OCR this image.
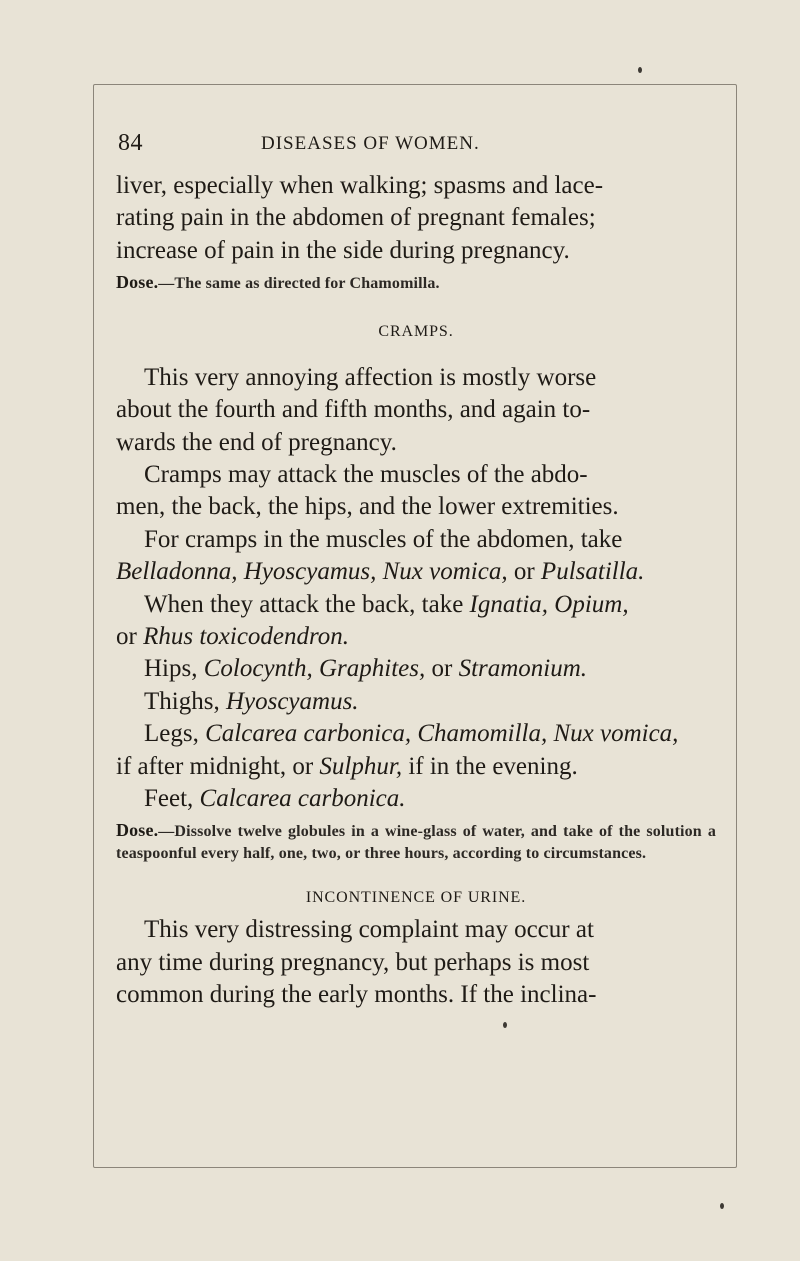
84	DISEASES OF WOMEN.

liver, especially when walking; spasms and lace-
rating pain in the abdomen of pregnant females;
increase of pain in the side during pregnancy.

Dose.—The same as directed for Chamomilla.

CRAMPS.

This very annoying affection is mostly worse
about the fourth and fifth months, and again to-
wards the end of pregnancy.

Cramps may attack the muscles of the abdo-
men, the back, the hips, and the lower extremities.

For cramps in the muscles of the abdomen, take
Belladonna, Hyoscyamus, Nux vomica, or Pulsatilla.

When they attack the back, take Ignatia, Opium,
or Rhus toxicodendron.

Hips, Colocynth, Graphites, or Stramonium.

Thighs, Hyoscyamus.

Legs, Calcarea carbonica, Chamomilla, Nux vomica,
if after midnight, or Sulphur, if in the evening.

Feet, Calcarea carbonica.

Dose.—Dissolve twelve globules in a wine-glass of water, and take of the solution a teaspoonful every half, one, two, or three hours, according to circumstances.

INCONTINENCE OF URINE.

This very distressing complaint may occur at
any time during pregnancy, but perhaps is most
common during the early months. If the inclina-
